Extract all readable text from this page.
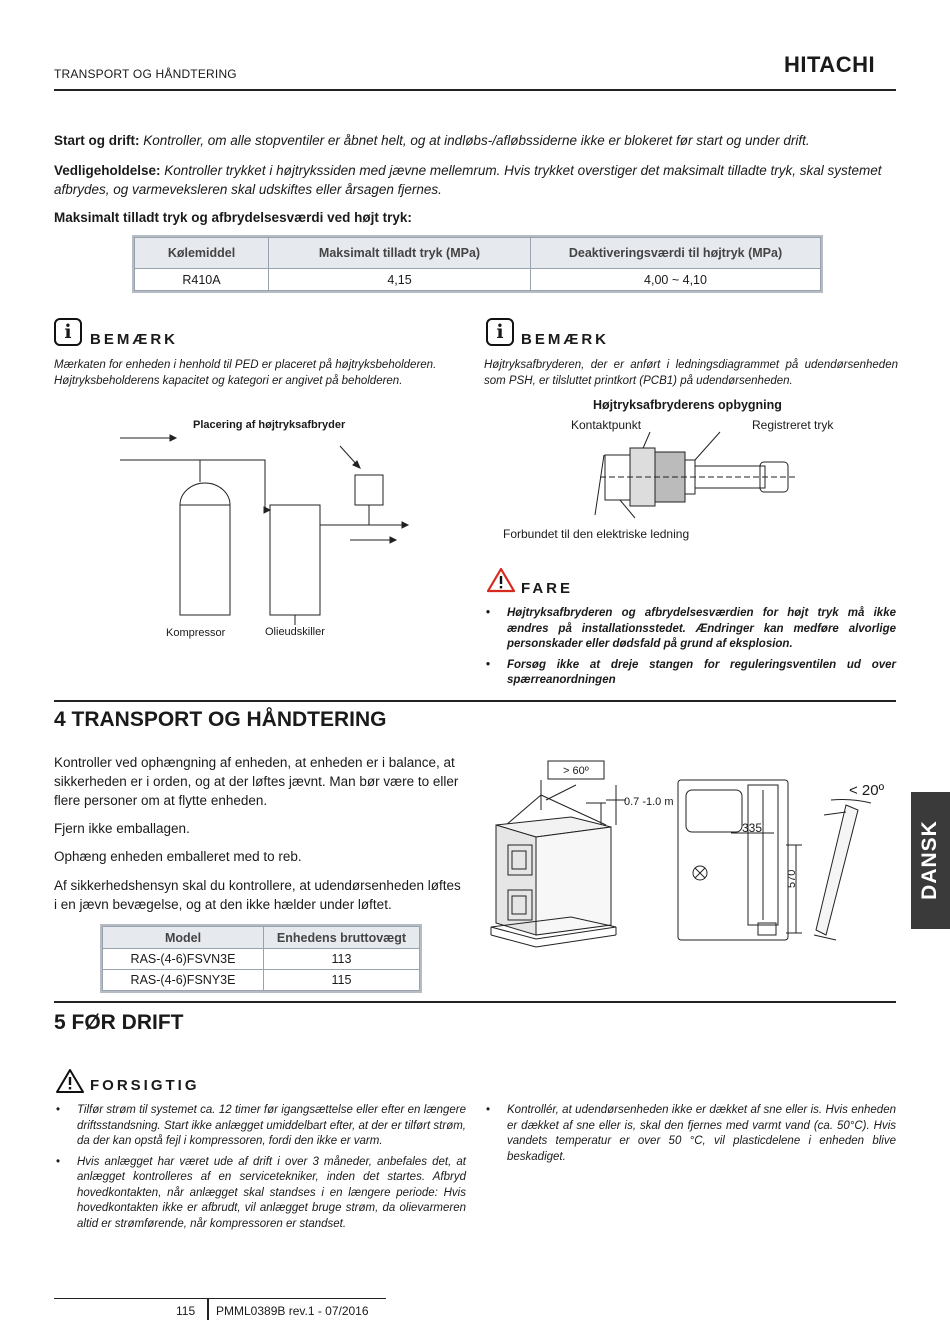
TRANSPORT OG HÅNDTERING	HITACHI
Start og drift: Kontroller, om alle stopventiler er åbnet helt, og at indløbs-/afløbssiderne ikke er blokeret før start og under drift.
Vedligeholdelse: Kontroller trykket i højtrykssiden med jævne mellemrum. Hvis trykket overstiger det maksimalt tilladte tryk, skal systemet afbrydes, og varmeveksleren skal udskiftes eller årsagen fjernes.
Maksimalt tilladt tryk og afbrydelsesværdi ved højt tryk:
Kølemiddel	Maksimalt tilladt tryk (MPa)	Deaktiveringsværdi til højtryk (MPa)
R410A	4,15	4,00 ~ 4,10
i	BEMÆRK
Mærkaten for enheden i henhold til PED er placeret på højtryksbeholderen. Højtryksbeholderens kapacitet og kategori er angivet på beholderen.
i	BEMÆRK
Højtryksafbryderen, der er anført i ledningsdiagrammet på udendørsenheden som PSH, er tilsluttet printkort (PCB1) på udendørsenheden.
Placering af højtryksafbryder
Kompressor	Olieudskiller
Højtryksafbryderens opbygning
Kontaktpunkt	Registreret tryk
Forbundet til den elektriske ledning
FARE
• Højtryksafbryderen og afbrydelsesværdien for højt tryk må ikke ændres på installationsstedet. Ændringer kan medføre alvorlige personskader eller dødsfald på grund af eksplosion.
• Forsøg ikke at dreje stangen for reguleringsventilen ud over spærreanordningen
4 TRANSPORT OG HÅNDTERING
Kontroller ved ophængning af enheden, at enheden er i balance, at sikkerheden er i orden, og at der løftes jævnt. Man bør være to eller flere personer om at flytte enheden.
Fjern ikke emballagen.
Ophæng enheden emballeret med to reb.
Af sikkerhedshensyn skal du kontrollere, at udendørsenheden løftes i en jævn bevægelse, og at den ikke hælder under løftet.
Model	Enhedens bruttovægt
RAS-(4-6)FSVN3E	113
RAS-(4-6)FSNY3E	115
> 60º
0.7 -1.0 m
335
570
< 20º
DANSK
5 FØR DRIFT
FORSIGTIG
• Tilfør strøm til systemet ca. 12 timer før igangsættelse eller efter en længere driftsstandsning. Start ikke anlægget umiddelbart efter, at der er tilført strøm, da der kan opstå fejl i kompressoren, fordi den ikke er varm.
• Hvis anlægget har været ude af drift i over 3 måneder, anbefales det, at anlægget kontrolleres af en servicetekniker, inden det startes. Afbryd hovedkontakten, når anlægget skal standses i en længere periode: Hvis hovedkontakten ikke er afbrudt, vil anlægget bruge strøm, da olievarmeren altid er strømførende, når kompressoren er standset.
• Kontrollér, at udendørsenheden ikke er dækket af sne eller is. Hvis enheden er dækket af sne eller is, skal den fjernes med varmt vand (ca. 50°C). Hvis vandets temperatur er over 50 °C, vil plasticdelene i enheden blive beskadiget.
115 PMML0389B rev.1 - 07/2016
